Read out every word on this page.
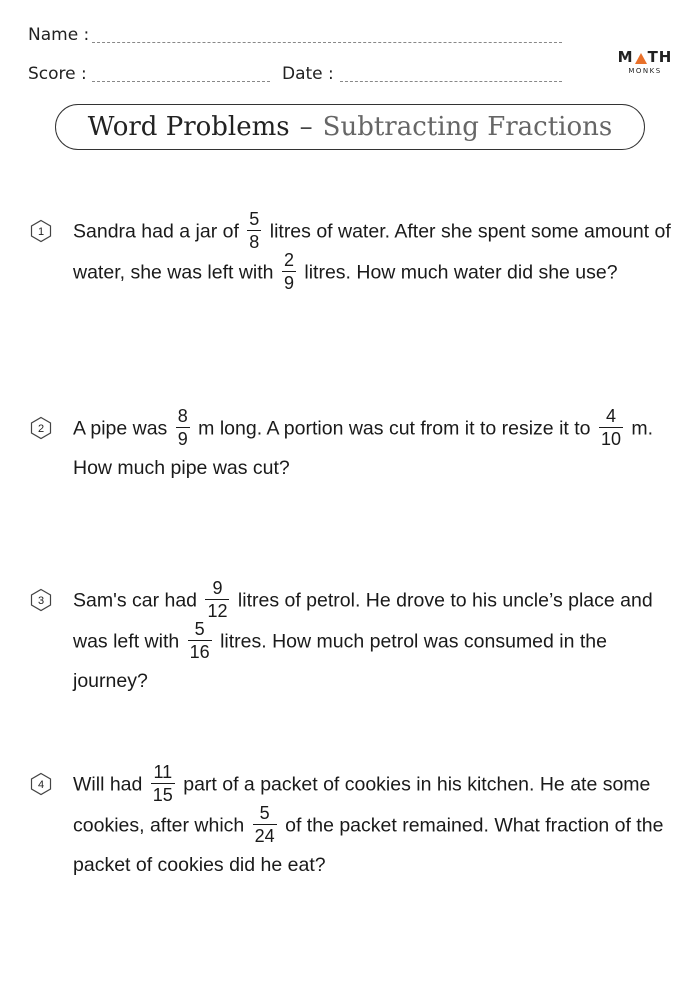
Name :
Score :	Date :
M TH
MONKS
Word Problems – Subtracting Fractions
1 Sandra had a jar of $\frac{5}{8}$ litres of water. After she spent some amount of water, she was left with $\frac{2}{9}$ litres. How much water did she use?
2 A pipe was $\frac{8}{9}$ m long. A portion was cut from it to resize it to $\frac{4}{10} m$. How much pipe was cut?
3 Sam's car had $\frac{9}{12}$ litres of petrol. He drove to his uncle’s place and was left with $\frac{5}{16}$ litres. How much petrol was consumed in the journey?
4 Will had $\frac{11}{15}$ part of a packet of cookies in his kitchen. He ate some cookies, after which $\frac{5}{24}$ of the packet remained. What fraction of the packet of cookies did he eat?
